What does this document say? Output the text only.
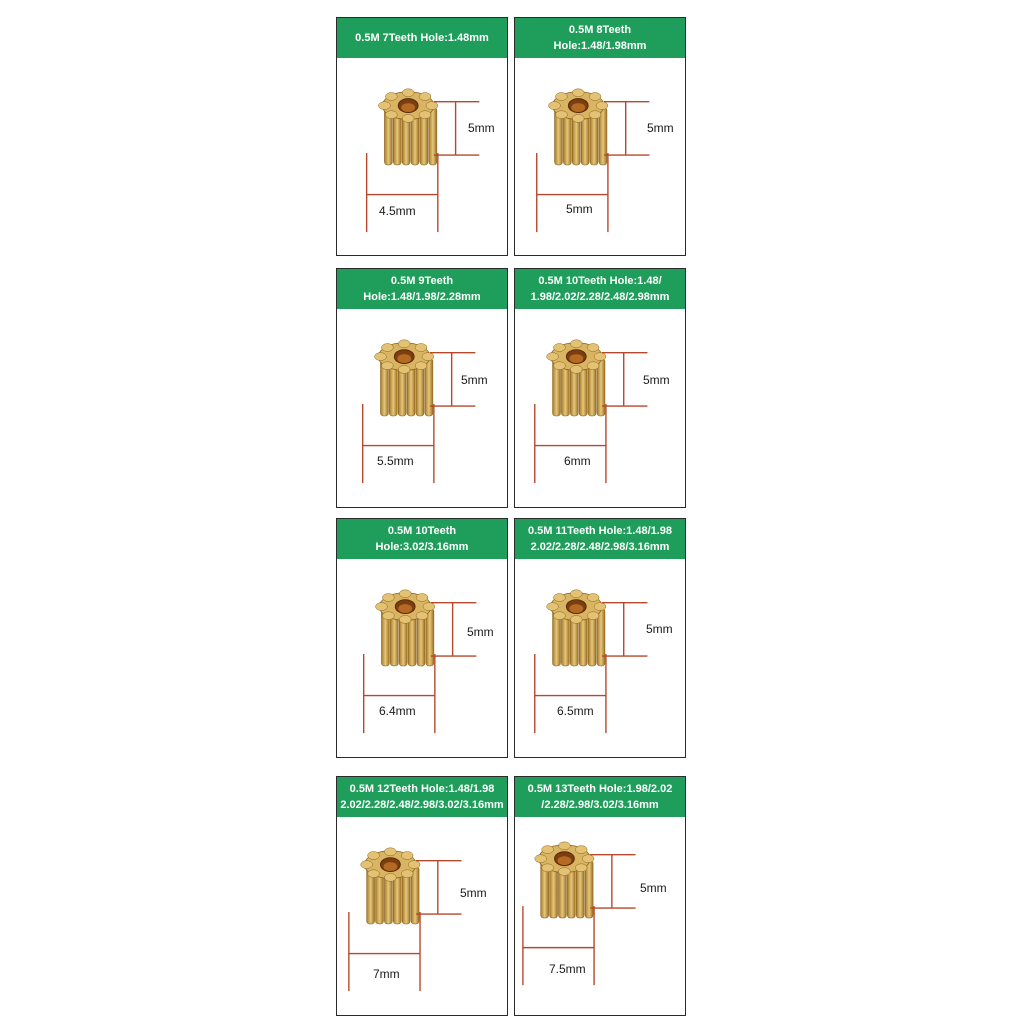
0.5M 7Teeth Hole:1.48mm
5mm
4.5mm
0.5M 8Teeth
Hole:1.48/1.98mm
5mm
5mm
0.5M 9Teeth
Hole:1.48/1.98/2.28mm
5mm
5.5mm
0.5M 10Teeth Hole:1.48/
1.98/2.02/2.28/2.48/2.98mm
5mm
6mm
0.5M 10Teeth
Hole:3.02/3.16mm
5mm
6.4mm
0.5M 11Teeth Hole:1.48/1.98
2.02/2.28/2.48/2.98/3.16mm
5mm
6.5mm
0.5M 12Teeth Hole:1.48/1.98
2.02/2.28/2.48/2.98/3.02/3.16mm
5mm
7mm
0.5M 13Teeth Hole:1.98/2.02
/2.28/2.98/3.02/3.16mm
5mm
7.5mm
